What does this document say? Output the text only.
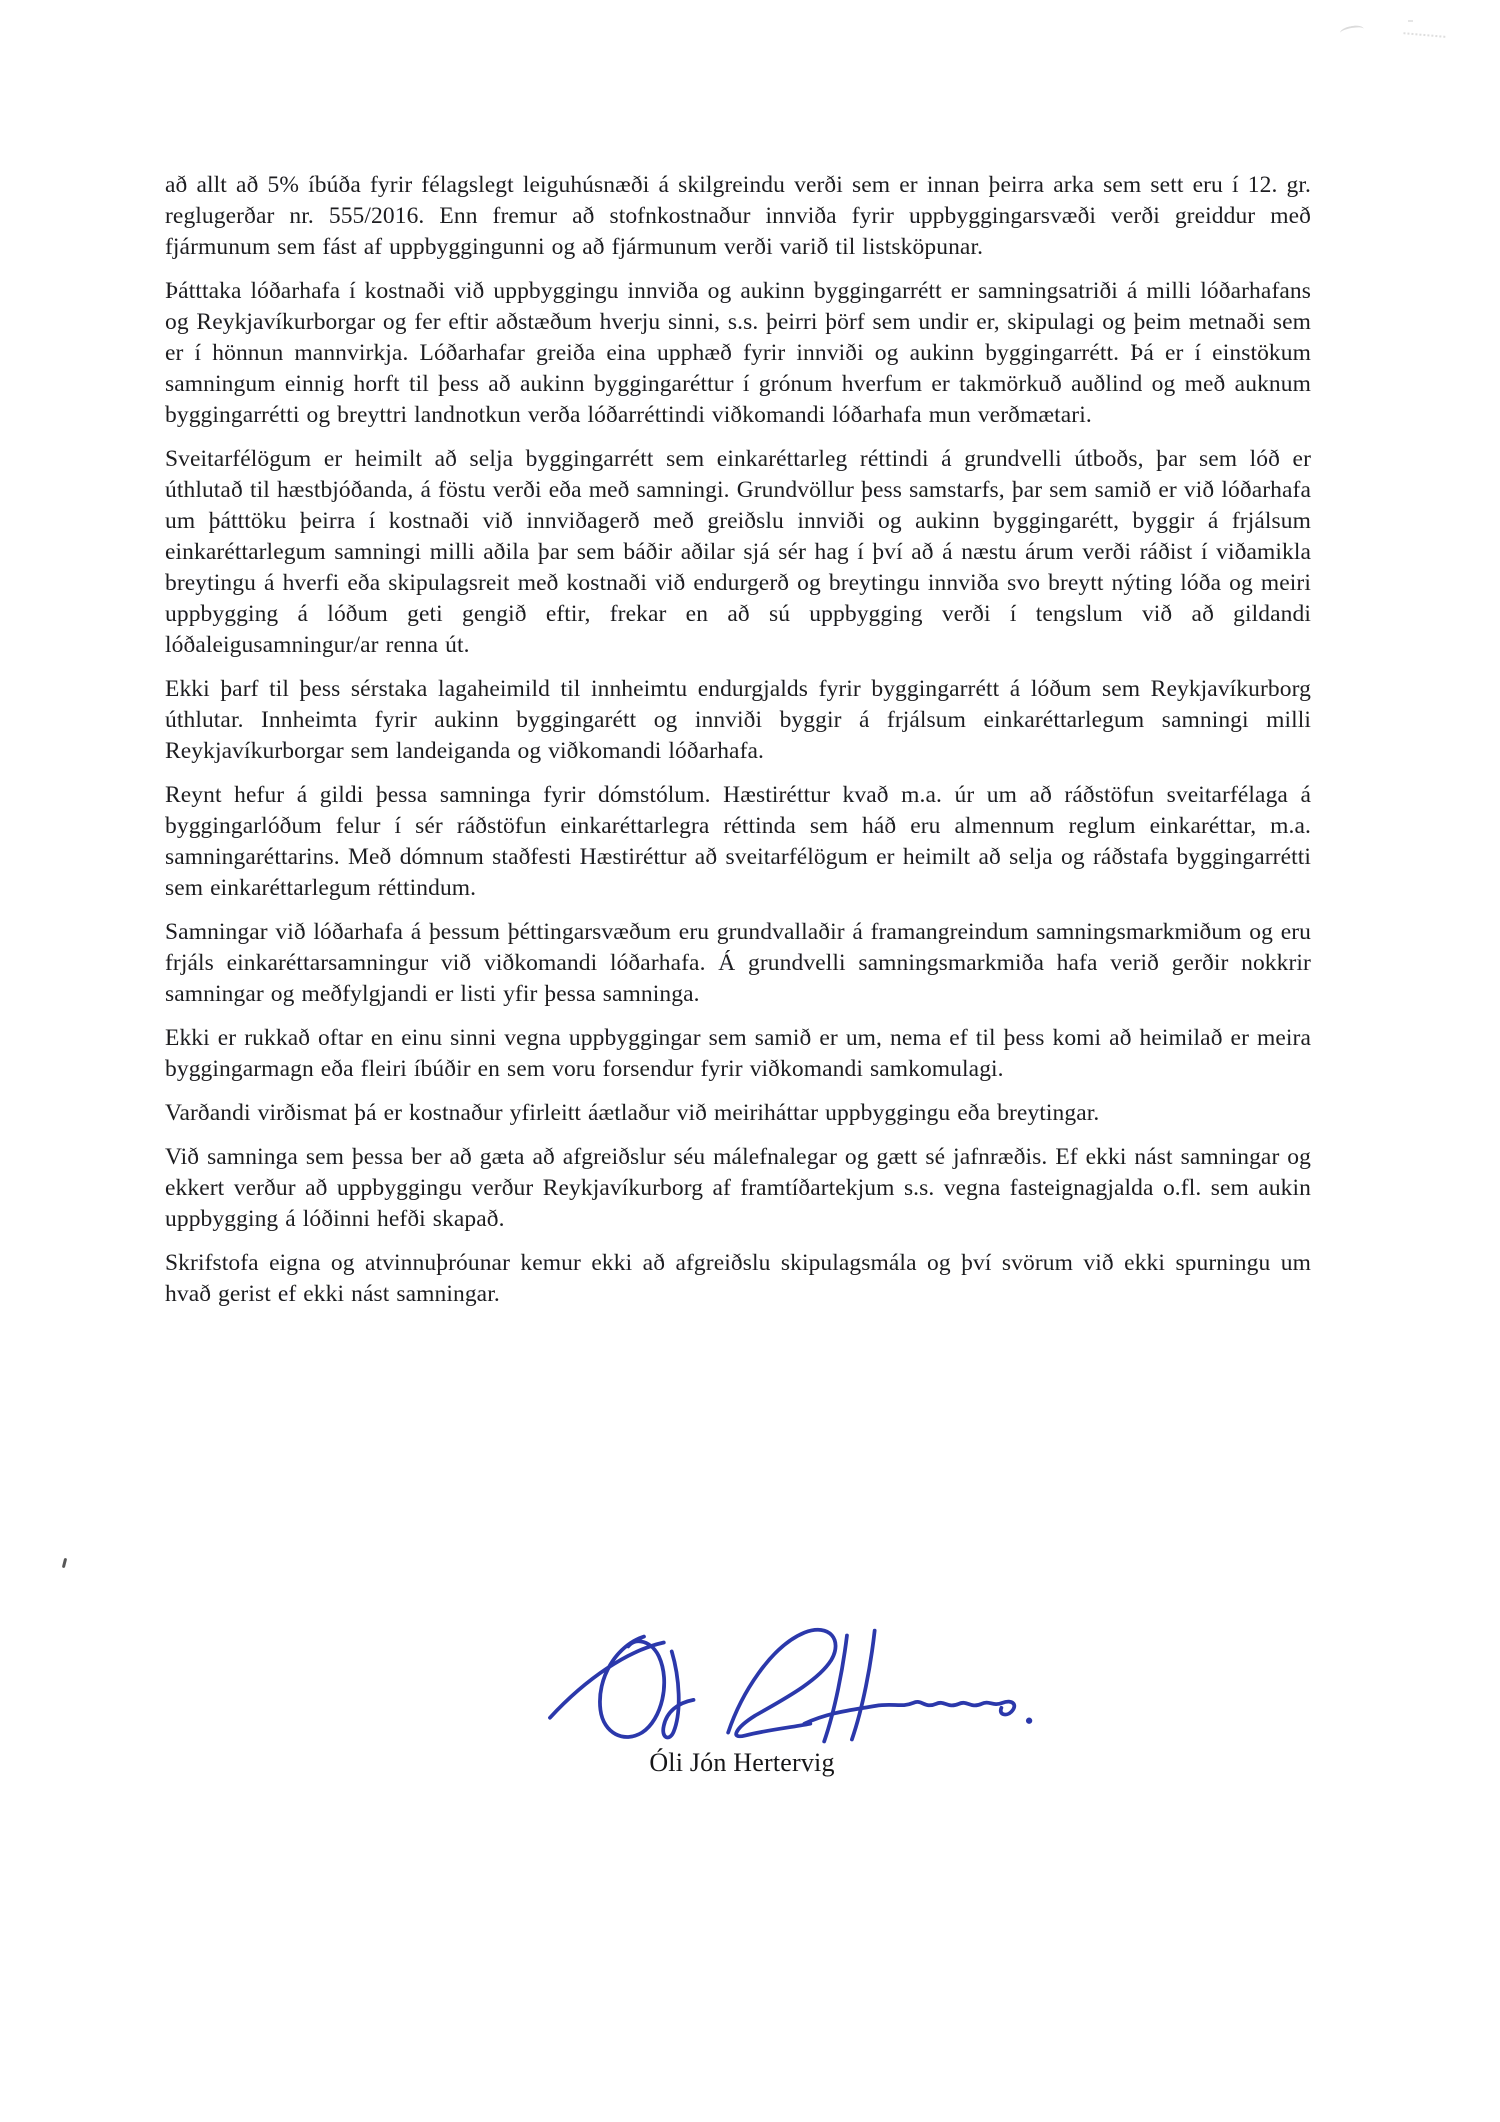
að allt að 5% íbúða fyrir félagslegt leiguhúsnæði á skilgreindu verði sem er innan þeirra arka sem sett eru í 12. gr. reglugerðar nr. 555/2016. Enn fremur að stofnkostnaður innviða fyrir uppbyggingarsvæði verði greiddur með fjármunum sem fást af uppbyggingunni og að fjármunum verði varið til listsköpunar.

Þátttaka lóðarhafa í kostnaði við uppbyggingu innviða og aukinn byggingarrétt er samningsatriði á milli lóðarhafans og Reykjavíkurborgar og fer eftir aðstæðum hverju sinni, s.s. þeirri þörf sem undir er, skipulagi og þeim metnaði sem er í hönnun mannvirkja. Lóðarhafar greiða eina upphæð fyrir innviði og aukinn byggingarrétt. Þá er í einstökum samningum einnig horft til þess að aukinn byggingaréttur í grónum hverfum er takmörkuð auðlind og með auknum byggingarrétti og breyttri landnotkun verða lóðarréttindi viðkomandi lóðarhafa mun verðmætari.

Sveitarfélögum er heimilt að selja byggingarrétt sem einkaréttarleg réttindi á grundvelli útboðs, þar sem lóð er úthlutað til hæstbjóðanda, á föstu verði eða með samningi. Grundvöllur þess samstarfs, þar sem samið er við lóðarhafa um þátttöku þeirra í kostnaði við innviðagerð með greiðslu innviði og aukinn byggingarétt, byggir á frjálsum einkaréttarlegum samningi milli aðila þar sem báðir aðilar sjá sér hag í því að á næstu árum verði ráðist í viðamikla breytingu á hverfi eða skipulagsreit með kostnaði við endurgerð og breytingu innviða svo breytt nýting lóða og meiri uppbygging á lóðum geti gengið eftir, frekar en að sú uppbygging verði í tengslum við að gildandi lóðaleigusamningur/ar renna út.

Ekki þarf til þess sérstaka lagaheimild til innheimtu endurgjalds fyrir byggingarrétt á lóðum sem Reykjavíkurborg úthlutar. Innheimta fyrir aukinn byggingarétt og innviði byggir á frjálsum einkaréttarlegum samningi milli Reykjavíkurborgar sem landeiganda og viðkomandi lóðarhafa.

Reynt hefur á gildi þessa samninga fyrir dómstólum. Hæstiréttur kvað m.a. úr um að ráðstöfun sveitarfélaga á byggingarlóðum felur í sér ráðstöfun einkaréttarlegra réttinda sem háð eru almennum reglum einkaréttar, m.a. samningaréttarins. Með dómnum staðfesti Hæstiréttur að sveitarfélögum er heimilt að selja og ráðstafa byggingarrétti sem einkaréttarlegum réttindum.

Samningar við lóðarhafa á þessum þéttingarsvæðum eru grundvallaðir á framangreindum samningsmarkmiðum og eru frjáls einkaréttarsamningur við viðkomandi lóðarhafa. Á grundvelli samningsmarkmiða hafa verið gerðir nokkrir samningar og meðfylgjandi er listi yfir þessa samninga.

Ekki er rukkað oftar en einu sinni vegna uppbyggingar sem samið er um, nema ef til þess komi að heimilað er meira byggingarmagn eða fleiri íbúðir en sem voru forsendur fyrir viðkomandi samkomulagi.

Varðandi virðismat þá er kostnaður yfirleitt áætlaður við meiriháttar uppbyggingu eða breytingar.

Við samninga sem þessa ber að gæta að afgreiðslur séu málefnalegar og gætt sé jafnræðis. Ef ekki nást samningar og ekkert verður að uppbyggingu verður Reykjavíkurborg af framtíðartekjum s.s. vegna fasteignagjalda o.fl. sem aukin uppbygging á lóðinni hefði skapað.

Skrifstofa eigna og atvinnuþróunar kemur ekki að afgreiðslu skipulagsmála og því svörum við ekki spurningu um hvað gerist ef ekki nást samningar.

Óli Jón Hertervig
